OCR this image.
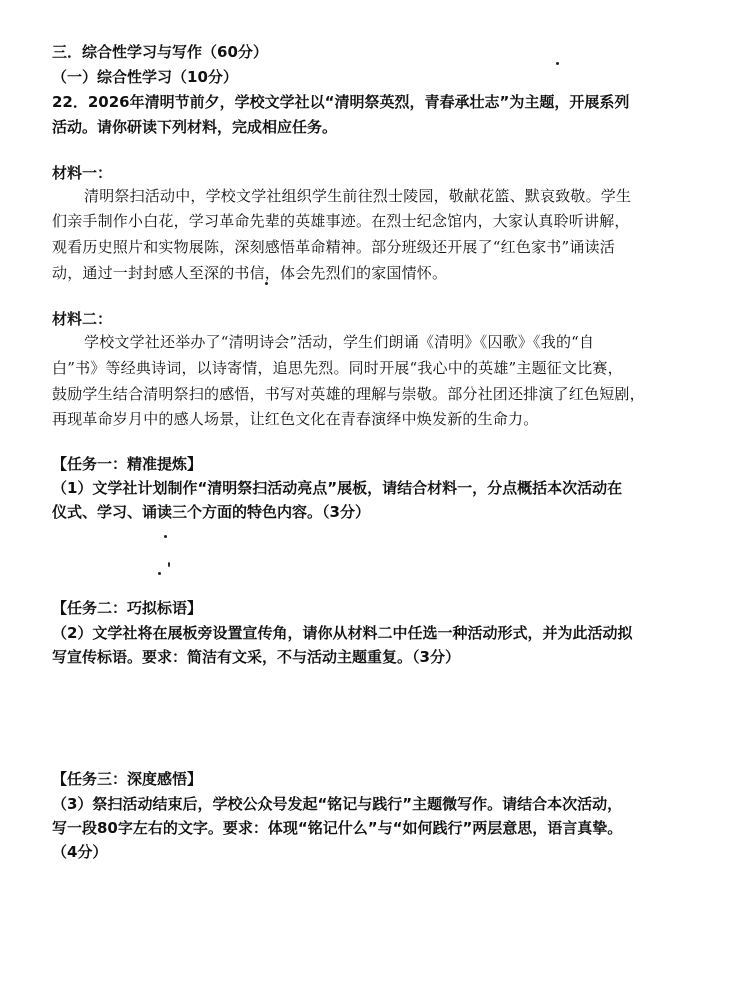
三．综合性学习与写作（60分）
（一）综合性学习（10分）
22．2026年清明节前夕，学校文学社以“清明祭英烈，青春承壮志”为主题，开展系列
活动。请你研读下列材料，完成相应任务。
材料一：
清明祭扫活动中，学校文学社组织学生前往烈士陵园，敬献花篮、默哀致敬。学生
们亲手制作小白花，学习革命先辈的英雄事迹。在烈士纪念馆内，大家认真聆听讲解，
观看历史照片和实物展陈，深刻感悟革命精神。部分班级还开展了“红色家书”诵读活
动，通过一封封感人至深的书信，体会先烈们的家国情怀。
材料二：
学校文学社还举办了“清明诗会”活动，学生们朗诵《清明》《囚歌》《我的“自
白”书》等经典诗词，以诗寄情，追思先烈。同时开展“我心中的英雄”主题征文比赛，
鼓励学生结合清明祭扫的感悟，书写对英雄的理解与崇敬。部分社团还排演了红色短剧，
再现革命岁月中的感人场景，让红色文化在青春演绎中焕发新的生命力。
【任务一：精准提炼】
（1）文学社计划制作“清明祭扫活动亮点”展板，请结合材料一，分点概括本次活动在
仪式、学习、诵读三个方面的特色内容。（3分）
【任务二：巧拟标语】
（2）文学社将在展板旁设置宣传角，请你从材料二中任选一种活动形式，并为此活动拟
写宣传标语。要求：简洁有文采，不与活动主题重复。（3分）
【任务三：深度感悟】
（3）祭扫活动结束后，学校公众号发起“铭记与践行”主题微写作。请结合本次活动，
写一段80字左右的文字。要求：体现“铭记什么”与“如何践行”两层意思，语言真挚。
（4分）
